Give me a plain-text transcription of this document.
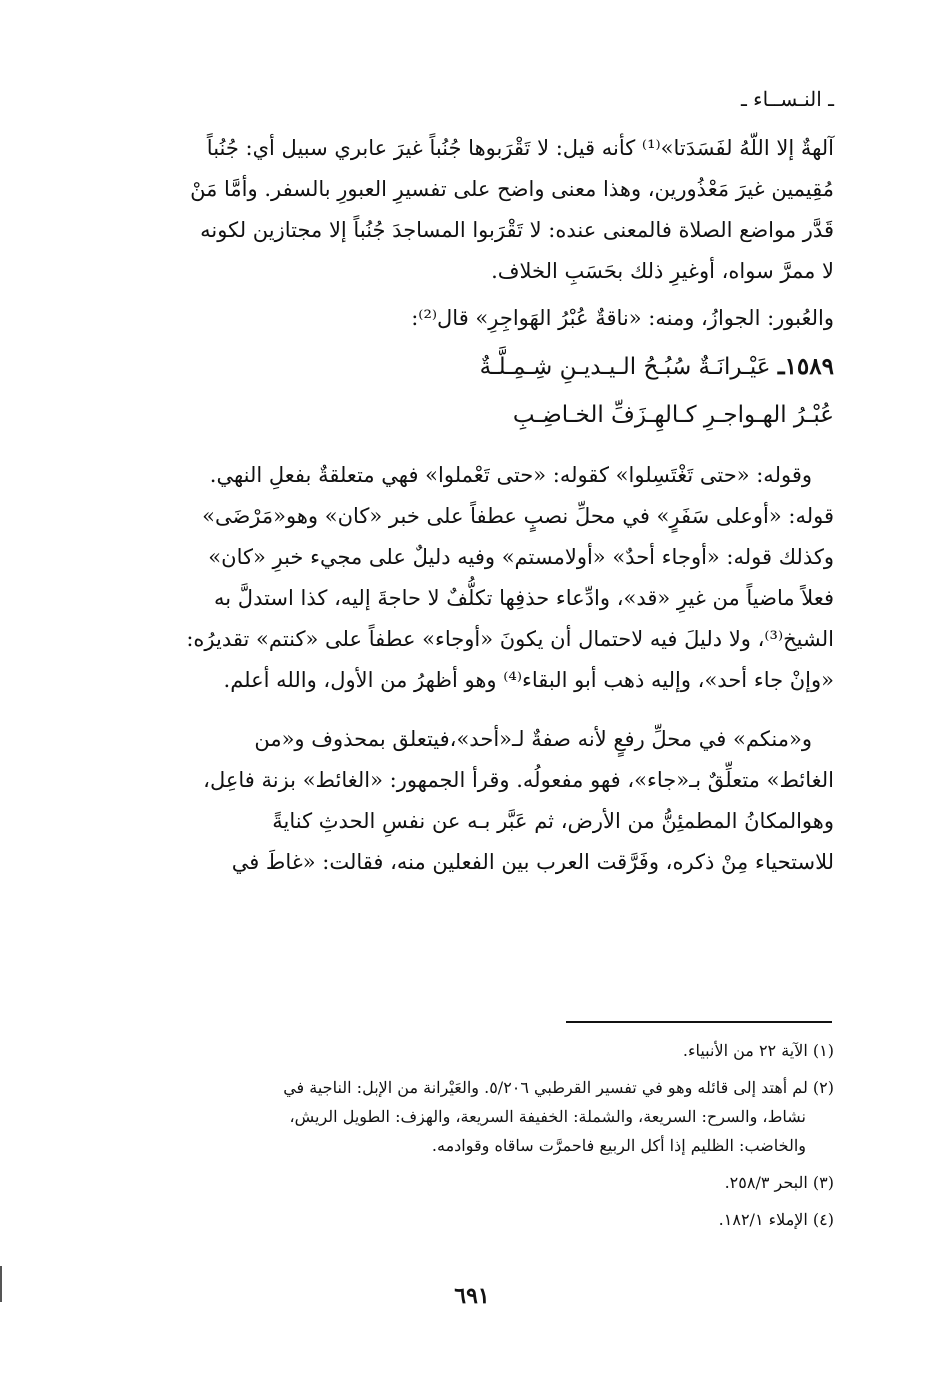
ـ النـســاء ـ

آلهةٌ إلا اللّهُ لفَسَدَتا»⁽¹⁾ كأنه قيل: لا تَقْرَبوها جُنُباً غيرَ عابري سبيل أي: جُنُباً

مُقِيمين غيرَ مَعْذُورين، وهذا معنى واضح على تفسيرِ العبورِ بالسفر. وأمَّا مَنْ

قَدَّر مواضع الصلاة فالمعنى عنده: لا تَقْرَبوا المساجدَ جُنُباً إلا مجتازين لكونه

لا ممرَّ سواه، أوغيرِ ذلك بحَسَبِ الخلاف.

والعُبور: الجوازُ، ومنه: «ناقةٌ عُبْرُ الهَواجِرِ» قال⁽²⁾:

١٥٨٩ـ عَيْـرانَـةٌ سُبُـحُ الـيـديـنِ شِـمِـلَّـةٌ
عُبْـرُ الهـواجـرِ كـالهِـزَفِّ الخـاضِـبِ

وقوله: «حتى تَغْتَسِلوا» كقوله: «حتى تَعْملوا» فهي متعلقةٌ بفعلِ النهي.

قوله: «أوعلى سَفَرٍ» في محلِّ نصبٍ عطفاً على خبر «كان» وهو«مَرْضَى»

وكذلك قوله: «أوجاء أحدٌ» «أولامستم» وفيه دليلٌ على مجيء خبرِ «كان»

فعلاً ماضياً من غيرِ «قد»، وادِّعاء حذفِها تكلُّفٌ لا حاجةَ إليه، كذا استدلَّ به

الشيخ⁽³⁾، ولا دليلَ فيه لاحتمال أن يكونَ «أوجاء» عطفاً على «كنتم» تقديرُه:

«وإنْ جاء أحد»، وإليه ذهب أبو البقاء⁽⁴⁾ وهو أظهرُ من الأول، والله أعلم.

و«منكم» في محلِّ رفعٍ لأنه صفةٌ لـ«أحد»،فيتعلق بمحذوف و«من

الغائط» متعلِّقٌ بـ«جاء»، فهو مفعولُه. وقرأ الجمهور: «الغائط» بزنة فاعِل،

وهوالمكانُ المطمئِنُّ من الأرض، ثم عَبَّر بـه عن نفسِ الحدثِ كنايةً

للاستحياء مِنْ ذكره، وفَرَّقت العرب بين الفعلين منه، فقالت: «غاطَ في

(١) الآية ٢٢ من الأنبياء.

(٢) لم أهتد إلى قائله وهو في تفسير القرطبي ٥/٢٠٦. والعَيْرانة من الإبل: الناجية في

نشاط، والسرح: السريعة، والشملة: الخفيفة السريعة، والهزف: الطويل الريش،

والخاضب: الظليم إذا أكل الربيع فاحمرَّت ساقاه وقوادمه.

(٣) البحر ٢٥٨/٣.

(٤) الإملاء ١٨٢/١.

٦٩١
